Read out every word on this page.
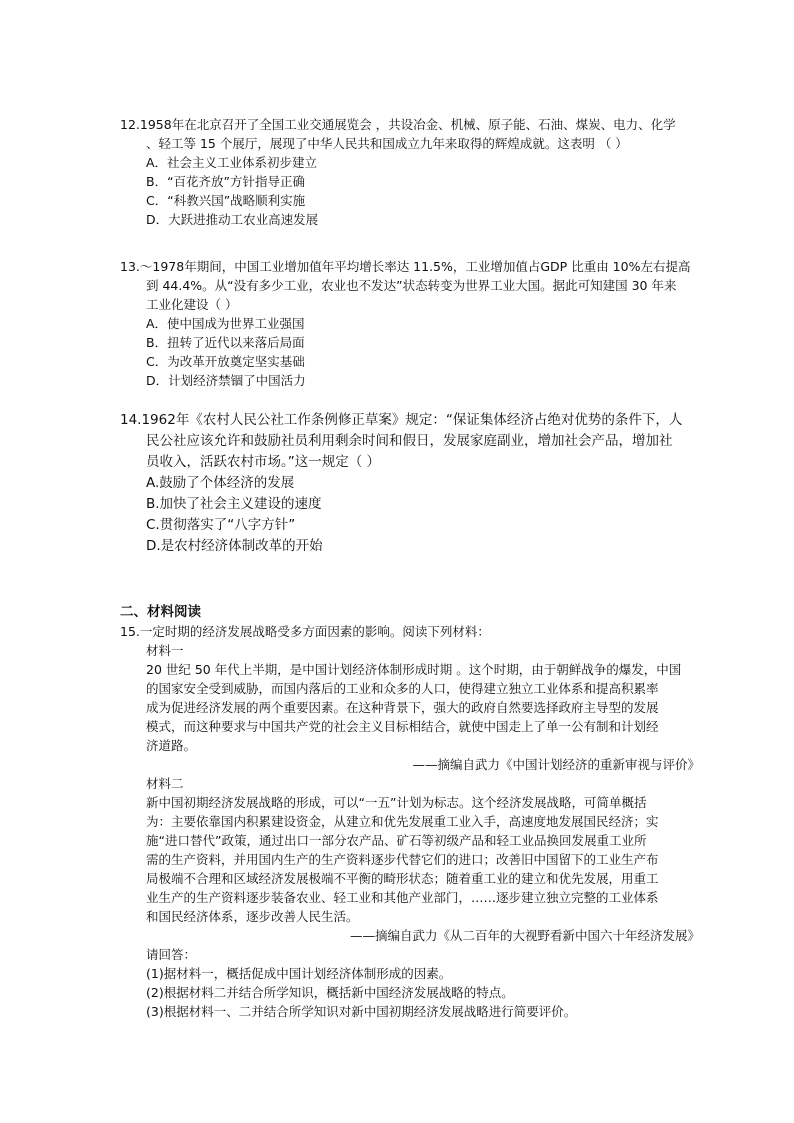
12.1958年在北京召开了全国工业交通展览会 ，共设冶金、机械、原子能、石油、煤炭、电力、化学
、轻工等 15 个展厅，展现了中华人民共和国成立九年来取得的辉煌成就。这表明 （ ）
A．社会主义工业体系初步建立
B．“百花齐放”方针指导正确
C．“科教兴国”战略顺利实施
D．大跃进推动工农业高速发展
13.～1978年期间，中国工业增加值年平均增长率达 11.5%，工业增加值占GDP 比重由 10%左右提高
到 44.4%。从“没有多少工业，农业也不发达”状态转变为世界工业大国。据此可知建国 30 年来
工业化建设（ ）
A．使中国成为世界工业强国
B．扭转了近代以来落后局面
C．为改革开放奠定坚实基础
D．计划经济禁锢了中国活力
14.1962年《农村人民公社工作条例修正草案》规定：“保证集体经济占绝对优势的条件下，人
民公社应该允许和鼓励社员利用剩余时间和假日，发展家庭副业，增加社会产品，增加社
员收入，活跃农村市场。”这一规定（ ）
A.鼓励了个体经济的发展
B.加快了社会主义建设的速度
C.贯彻落实了“八字方针”
D.是农村经济体制改革的开始
二、材料阅读
15.一定时期的经济发展战略受多方面因素的影响。阅读下列材料：
材料一
20 世纪 50 年代上半期，是中国计划经济体制形成时期 。这个时期，由于朝鲜战争的爆发，中国
的国家安全受到威胁，而国内落后的工业和众多的人口，使得建立独立工业体系和提高积累率
成为促进经济发展的两个重要因素。在这种背景下，强大的政府自然要选择政府主导型的发展
模式，而这种要求与中国共产党的社会主义目标相结合，就使中国走上了单一公有制和计划经
济道路。
——摘编自武力《中国计划经济的重新审视与评价》
材料二
新中国初期经济发展战略的形成，可以“一五”计划为标志。这个经济发展战略，可简单概括
为：主要依靠国内积累建设资金，从建立和优先发展重工业入手，高速度地发展国民经济；实
施“进口替代”政策，通过出口一部分农产品、矿石等初级产品和轻工业品换回发展重工业所
需的生产资料，并用国内生产的生产资料逐步代替它们的进口；改善旧中国留下的工业生产布
局极端不合理和区域经济发展极端不平衡的畸形状态；随着重工业的建立和优先发展，用重工
业生产的生产资料逐步装备农业、轻工业和其他产业部门，……逐步建立独立完整的工业体系
和国民经济体系，逐步改善人民生活。
——摘编自武力《从二百年的大视野看新中国六十年经济发展》
请回答：
(1)据材料一，概括促成中国计划经济体制形成的因素。
(2)根据材料二并结合所学知识，概括新中国经济发展战略的特点。
(3)根据材料一、二并结合所学知识对新中国初期经济发展战略进行简要评价。
